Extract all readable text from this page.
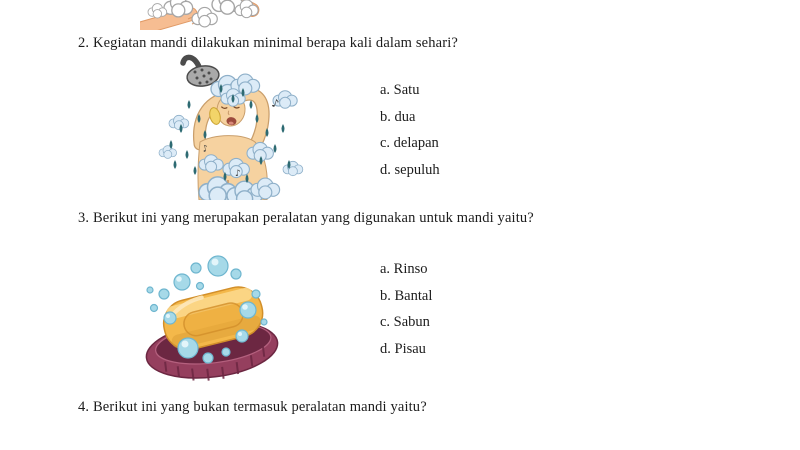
2. Kegiatan mandi dilakukan minimal berapa kali dalam sehari?
♪
♪
♪
a. Satu
b. dua
c. delapan
d. sepuluh
3. Berikut ini yang merupakan peralatan yang digunakan untuk mandi yaitu?
a. Rinso
b. Bantal
c. Sabun
d. Pisau
4. Berikut ini yang bukan termasuk peralatan mandi yaitu?
